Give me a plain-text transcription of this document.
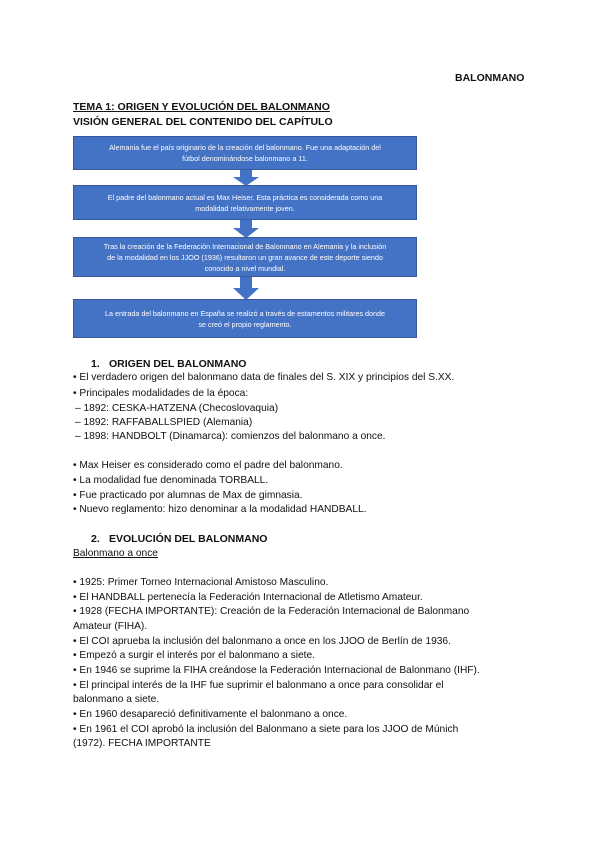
BALONMANO
TEMA 1: ORIGEN Y EVOLUCIÓN DEL BALONMANO
VISIÓN GENERAL DEL CONTENIDO DEL CAPÍTULO
Alemania fue el país originario de la creación del balonmano. Fue una adaptación del
fútbol denominándose balonmano a 11.
El padre del balonmano actual es Max Heiser. Esta práctica es considerada como una
modalidad relativamente joven.
Tras la creación de la Federación Internacional de Balonmano en Alemania y la inclusión
de la modalidad en los JJOO (1936) resultaron un gran avance de este deporte siendo
conocido a nivel mundial.
La entrada del balonmano en España se realizó a través de estamentos militares donde
se creó el propio reglamento.
1. ORIGEN DEL BALONMANO
• El verdadero origen del balonmano data de finales del S. XIX y principios del S.XX.
• Principales modalidades de la época:
– 1892: CESKA-HATZENA (Checoslovaquia)
– 1892: RAFFABALLSPIED (Alemania)
– 1898: HANDBOLT (Dinamarca): comienzos del balonmano a once.
• Max Heiser es considerado como el padre del balonmano.
• La modalidad fue denominada TORBALL.
• Fue practicado por alumnas de Max de gimnasia.
• Nuevo reglamento: hizo denominar a la modalidad HANDBALL.
2. EVOLUCIÓN DEL BALONMANO
Balonmano a once
• 1925: Primer Torneo Internacional Amistoso Masculino.
• El HANDBALL pertenecía la Federación Internacional de Atletismo Amateur.
• 1928 (FECHA IMPORTANTE): Creación de la Federación Internacional de Balonmano
Amateur (FIHA).
• El COI aprueba la inclusión del balonmano a once en los JJOO de Berlín de 1936.
• Empezó a surgir el interés por el balonmano a siete.
• En 1946 se suprime la FIHA creándose la Federación Internacional de Balonmano (IHF).
• El principal interés de la IHF fue suprimir el balonmano a once para consolidar el
balonmano a siete.
• En 1960 desapareció definitivamente el balonmano a once.
• En 1961 el COI aprobó la inclusión del Balonmano a siete para los JJOO de Múnich
(1972). FECHA IMPORTANTE
